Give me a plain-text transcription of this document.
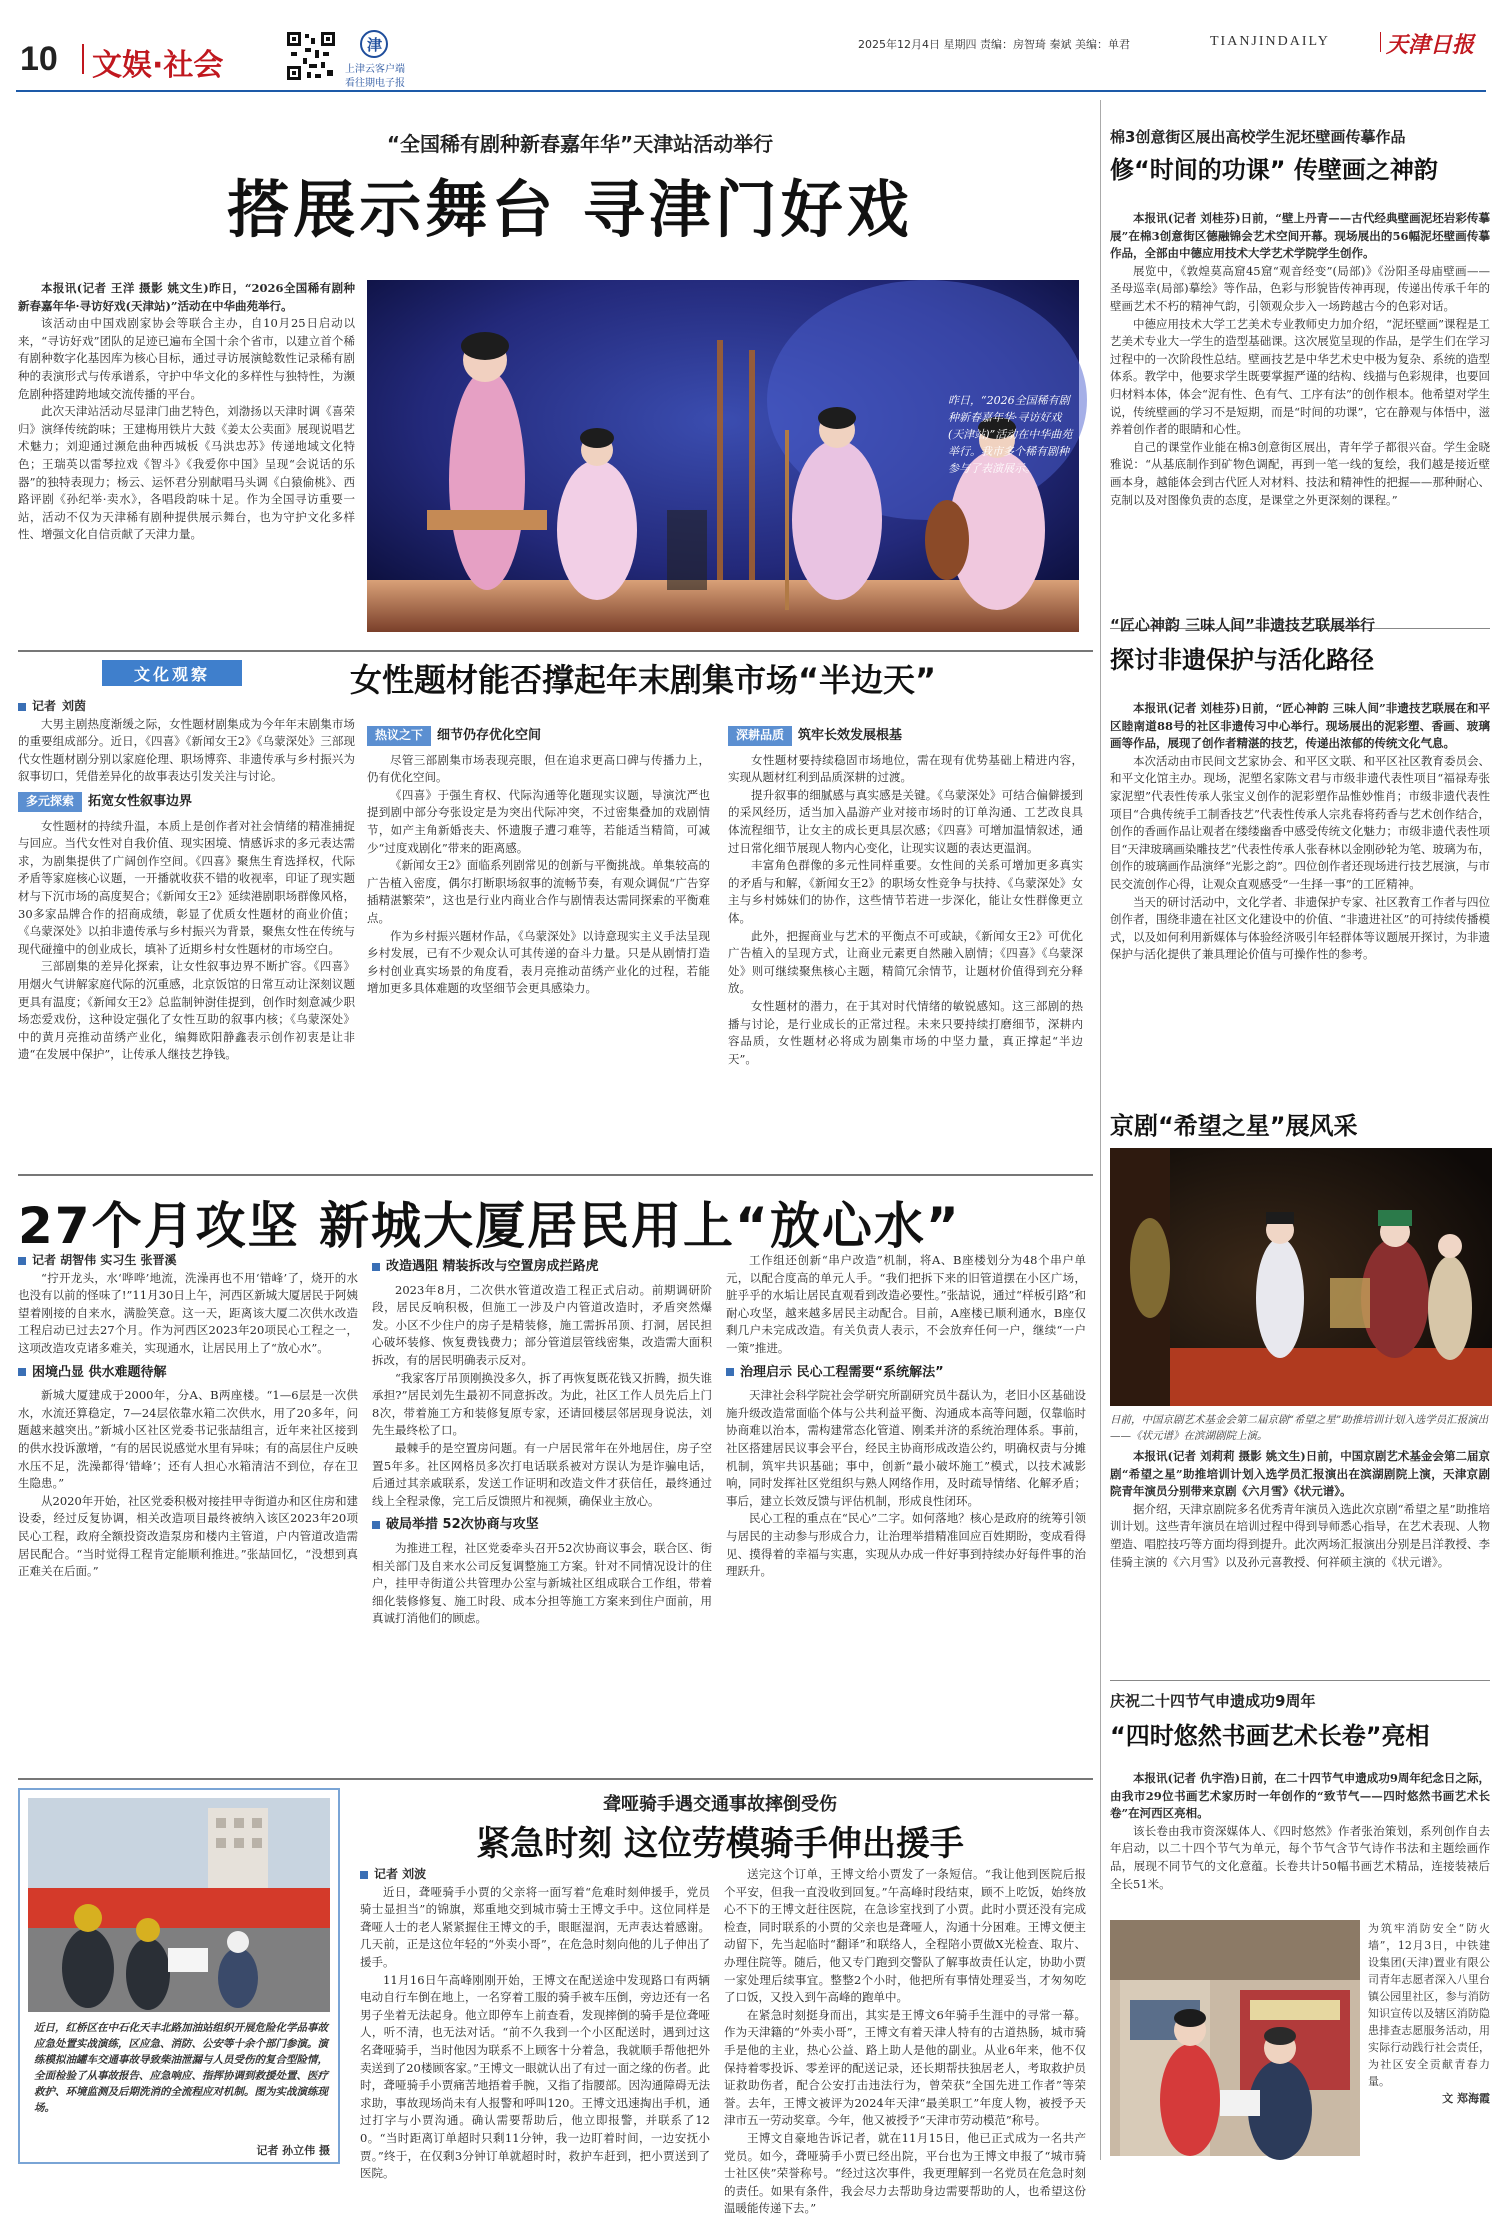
10 文娱·社会
津
上津云客户端
看往期电子报
2025年12月4日 星期四 责编：房智琦 秦斌 美编：单君	TIANJINDAILY	天津日报
“全国稀有剧种新春嘉年华”天津站活动举行
搭展示舞台 寻津门好戏

本报讯(记者 王洋 摄影 姚文生)昨日，“2026全国稀有剧种新春嘉年华·寻访好戏(天津站)”活动在中华曲苑举行。

该活动由中国戏剧家协会等联合主办，自10月25日启动以来，“寻访好戏”团队的足迹已遍布全国十余个省市，以建立首个稀有剧种数字化基因库为核心目标，通过寻访展演鲶数性记录稀有剧种的表演形式与传承谱系，守护中华文化的多样性与独特性，为濒危剧种搭建跨地域交流传播的平台。

此次天津站活动尽显津门曲艺特色，刘渤扬以天津时调《喜荣归》演绎传统韵味；王建梅用铁片大鼓《姜太公卖面》展现说唱艺术魅力；刘迎通过濒危曲种西城板《马洪忠苏》传递地域文化特色；王瑞英以雷琴拉戏《智斗》《我爱你中国》呈现“会说话的乐器”的独特表现力；杨云、运怀君分别献唱马头调《白猿偷桃》、西路评剧《孙纪举·卖水》，各唱段韵味十足。作为全国寻访重要一站，活动不仅为天津稀有剧种提供展示舞台，也为守护文化多样性、增强文化自信贡献了天津力量。

昨日，“2026全国稀有剧种新春嘉年华·寻访好戏(天津站)”活动在中华曲苑举行。我市多个稀有剧种参与了表演展示。
文化观察	女性题材能否撑起年末剧集市场“半边天”
记者 刘茵

大男主剧热度渐缓之际，女性题材剧集成为今年年末剧集市场的重要组成部分。近日，《四喜》《新闻女王2》《乌蒙深处》三部现代女性题材剧分别以家庭伦理、职场博弈、非遗传承与乡村振兴为叙事切口，凭借差异化的故事表达引发关注与讨论。

多元探索	拓宽女性叙事边界

女性题材的持续升温，本质上是创作者对社会情绪的精准捕捉与回应。当代女性对自我价值、现实困境、情感诉求的多元表达需求，为剧集提供了广阔创作空间。《四喜》聚焦生育选择权，代际矛盾等家庭核心议题，一开播就收获不错的收视率，印证了现实题材与下沉市场的高度契合；《新闻女王2》延续港剧职场群像风格，30多家品牌合作的招商成绩，彰显了优质女性题材的商业价值；《乌蒙深处》以拍非遗传承与乡村振兴为背景，聚焦女性在传统与现代碰撞中的创业成长，填补了近期乡村女性题材的市场空白。

三部剧集的差异化探索，让女性叙事边界不断扩容。《四喜》用烟火气讲解家庭代际的沉重感，北京饭馆的日常互动让深刻议题更具有温度；《新闻女王2》总监制钟澍佳提到，创作时刻意减少职场恋爱戏份，这种设定强化了女性互助的叙事内核；《乌蒙深处》中的黄月亮推动苗绣产业化，编舞欧阳静鑫表示创作初衷是让非遗“在发展中保护”，让传承人继技艺挣钱。

热议之下	细节仍存优化空间

尽管三部剧集市场表现亮眼，但在追求更高口碑与传播力上，仍有优化空间。

《四喜》于强生育权、代际沟通等化题现实议题，导演沈严也提到剧中部分夸张设定是为突出代际冲突，不过密集叠加的戏剧情节，如产主角新婚丧夫、怀遗腹子遭刁难等，若能适当精简，可减少“过度戏剧化”带来的距离感。

《新闻女王2》面临系列剧常见的创新与平衡挑战。单集较高的广告植入密度，偶尔打断职场叙事的流畅节奏，有观众调侃“广告穿插精湛繁荣”，这也是行业内商业合作与剧情表达需同探索的平衡难点。

作为乡村振兴题材作品，《乌蒙深处》以诗意现实主义手法呈现乡村发展，已有不少观众认可其传递的奋斗力量。只是从剧情打造乡村创业真实场景的角度看，表月亮推动苗绣产业化的过程，若能增加更多具体难题的攻坚细节会更具感染力。

深耕品质	筑牢长效发展根基

女性题材要持续稳固市场地位，需在现有优势基础上精进内容，实现从题材红利到品质深耕的过渡。

提升叙事的细腻感与真实感是关键。《乌蒙深处》可结合偏僻援到的采风经历，适当加入晶游产业对接市场时的订单沟通、工艺改良具体流程细节，让女主的成长更具层次感；《四喜》可增加温情叙述，通过日常化细节展现人物内心变化，让现实议题的表达更温润。

丰富角色群像的多元性同样重要。女性间的关系可增加更多真实的矛盾与和解，《新闻女王2》的职场女性竞争与扶持、《乌蒙深处》女主与乡村姊妹们的协作，这些情节若进一步深化，能让女性群像更立体。

此外，把握商业与艺术的平衡点不可或缺，《新闻女王2》可优化广告植入的呈现方式，让商业元素更自然融入剧情；《四喜》《乌蒙深处》则可继续聚焦核心主题，精简冗余情节，让题材价值得到充分释放。

女性题材的潜力，在于其对时代情绪的敏锐感知。这三部剧的热播与讨论，是行业成长的正常过程。未来只要持续打磨细节，深耕内容品质，女性题材必将成为剧集市场的中坚力量，真正撑起“半边天”。

棉3创意街区展出高校学生泥坯壁画传摹作品
修“时间的功课” 传壁画之神韵

本报讯(记者 刘桂芬)日前，“壁上丹青——古代经典壁画泥坯岩彩传摹展”在棉3创意街区德融锦会艺术空间开幕。现场展出的56幅泥坯壁画传摹作品，全部由中德应用技术大学艺术学院学生创作。

展览中，《敦煌莫高窟45窟“观音经变”(局部)》《汾阳圣母庙壁画——圣母巡幸(局部)摹绘》等作品，色彩与形貌皆传神再现，传递出传承千年的壁画艺术不朽的精神气韵，引领观众步入一场跨越古今的色彩对话。

中德应用技术大学工艺美术专业教师史力加介绍，“泥坯壁画”课程是工艺美术专业大一学生的造型基础课。这次展览呈现的作品，是学生们在学习过程中的一次阶段性总结。壁画技艺是中华艺术史中极为复杂、系统的造型体系。教学中，他要求学生既要掌握严谨的结构、线描与色彩规律，也要回归材料本体，体会“泥有性、色有气、工序有法”的创作根本。他希望对学生说，传统壁画的学习不是短期，而是“时间的功课”，它在静观与体悟中，滋养着创作者的眼睛和心性。

自己的课堂作业能在棉3创意街区展出，青年学子都很兴奋。学生金晓雅说：“从基底制作到矿物色调配，再到一笔一线的复绘，我们越是接近壁画本身，越能体会到古代匠人对材料、技法和精神性的把握——那种耐心、克制以及对图像负责的态度，是课堂之外更深刻的课程。”

“匠心神韵 三味人间”非遗技艺联展举行
探讨非遗保护与活化路径

本报讯(记者 刘桂芬)日前，“匠心神韵 三味人间”非遗技艺联展在和平区睦南道88号的社区非遗传习中心举行。现场展出的泥彩塑、香画、玻璃画等作品，展现了创作者精湛的技艺，传递出浓郁的传统文化气息。

本次活动由市民间文艺家协会、和平区文联、和平区社区教育委员会、和平文化馆主办。现场，泥塑名家陈文君与市级非遗代表性项目“福禄寿张家泥塑”代表性传承人张宝义创作的泥彩塑作品惟妙惟肖；市级非遗代表性项目“合典传统手工制香技艺”代表性传承人宗兆春将药香与艺术创作结合，创作的香画作品让观者在缕缕幽香中感受传统文化魅力；市级非遗代表性项目“天津玻璃画染雕技艺”代表性传承人张春林以金刚砂轮为笔、玻璃为布，创作的玻璃画作品演绎“光影之韵”。四位创作者还现场进行技艺展演，与市民交流创作心得，让观众直观感受“一生择一事”的工匠精神。

当天的研讨活动中，文化学者、非遗保护专家、社区教育工作者与四位创作者，围绕非遗在社区文化建设中的价值、“非遗进社区”的可持续传播模式，以及如何利用新媒体与体验经济吸引年轻群体等议题展开探讨，为非遗保护与活化提供了兼具理论价值与可操作性的参考。

京剧“希望之星”展风采
日前，中国京剧艺术基金会第二届京剧“希望之星”助推培训计划入选学员汇报演出——《状元谱》在滨湖剧院上演。

本报讯(记者 刘莉莉 摄影 姚文生)日前，中国京剧艺术基金会第二届京剧“希望之星”助推培训计划入选学员汇报演出在滨湖剧院上演，天津京剧院青年演员分别带来京剧《六月雪》《状元谱》。

据介绍，天津京剧院多名优秀青年演员入选此次京剧“希望之星”助推培训计划。这些青年演员在培训过程中得到导师悉心指导，在艺术表现、人物塑造、唱腔技巧等方面均得到提升。此次两场汇报演出分别是吕洋教授、李佳骑主演的《六月雪》以及孙元喜教授、何祥硕主演的《状元谱》。

庆祝二十四节气申遗成功9周年
“四时悠然书画艺术长卷”亮相

本报讯(记者 仇宇浩)日前，在二十四节气申遗成功9周年纪念日之际，由我市29位书画艺术家历时一年创作的“致节气——四时悠然书画艺术长卷”在河西区亮相。

该长卷由我市资深媒体人、《四时悠然》作者张治策划，系列创作自去年启动，以二十四个节气为单元，每个节气含节气诗作书法和主题绘画作品，展现不同节气的文化意蕴。长卷共计50幅书画艺术精品，连接装裱后全长51米。

为筑牢消防安全“防火墙”，12月3日，中铁建设集团(天津)置业有限公司青年志愿者深入八里台镇公园里社区，参与消防知识宣传以及辖区消防隐患排查志愿服务活动，用实际行动践行社会责任，为社区安全贡献青春力量。
文 郑海霞
27个月攻坚 新城大厦居民用上“放心水”
记者 胡智伟 实习生 张晋溪

“拧开龙头，水‘哗哗’地流，洗澡再也不用‘错峰’了，烧开的水也没有以前的怪味了!”11月30日上午，河西区新城大厦居民于阿姨望着刚接的自来水，满脸笑意。这一天，距离该大厦二次供水改造工程启动已过去27个月。作为河西区2023年20项民心工程之一，这项改造攻克诸多难关，实现通水，让居民用上了“放心水”。

困境凸显 供水难题待解

新城大厦建成于2000年，分A、B两座楼。“1—6层是一次供水，水流还算稳定，7—24层依靠水箱二次供水，用了20多年，问题越来越突出。”新城小区社区党委书记张喆组言，近年来社区接到的供水投诉激增，“有的居民说感觉水里有异味；有的高层住户反映水压不足，洗澡都得‘错峰’；还有人担心水箱清洁不到位，存在卫生隐患。”

从2020年开始，社区党委积极对接挂甲寺街道办和区住房和建设委，经过反复协调，相关改造项目最终被纳入该区2023年20项民心工程，政府全额投资改造泵房和楼内主管道，户内管道改造需居民配合。“当时觉得工程肯定能顺利推进。”张喆回忆，“没想到真正难关在后面。”

改造遇阻 精装拆改与空置房成拦路虎

2023年8月，二次供水管道改造工程正式启动。前期调研阶段，居民反响积极，但施工一涉及户内管道改造时，矛盾突然爆发。小区不少住户的房子是精装修，施工需拆吊顶、打洞，居民担心破坏装修、恢复费钱费力；部分管道层管线密集，改造需大面积拆改，有的居民明确表示反对。

“我家客厅吊顶刚换没多久，拆了再恢复既花钱又折腾，损失谁承担?”居民刘先生最初不同意拆改。为此，社区工作人员先后上门8次，带着施工方和装修复原专家，还请回楼层邻居现身说法，刘先生最终松了口。

最棘手的是空置房问题。有一户居民常年在外地居住，房子空置5年多。社区网格员多次打电话联系被对方误认为是诈骗电话，后通过其亲戚联系，发送工作证明和改造文件才获信任，最终通过线上全程录像，完工后反馈照片和视频，确保业主放心。

破局举措 52次协商与攻坚

为推进工程，社区党委牵头召开52次协商议事会，联合区、街相关部门及自来水公司反复调整施工方案。针对不同情况设计的住户，挂甲寺街道公共管理办公室与新城社区组成联合工作组，带着细化装修修复、施工时段、成本分担等施工方案来到住户面前，用真诚打消他们的顾虑。

工作组还创新“串户改造”机制，将A、B座楼划分为48个串户单元，以配合度高的单元人手。“我们把拆下来的旧管道摆在小区广场，脏乎乎的水垢让居民直观看到改造必要性。”张喆说，通过“样板引路”和耐心攻坚，越来越多居民主动配合。目前，A座楼已顺利通水，B座仅剩几户未完成改造。有关负责人表示，不会放弃任何一户，继续“一户一策”推进。

治理启示 民心工程需要“系统解法”

天津社会科学院社会学研究所副研究员牛磊认为，老旧小区基础设施升级改造常面临个体与公共利益平衡、沟通成本高等问题，仅靠临时协商难以治本，需构建常态化管道、刚柔并济的系统治理体系。事前，社区搭建居民议事会平台，经民主协商形成改造公约，明确权责与分摊机制，筑牢共识基础；事中，创新“最小破坏施工”模式，以技术减影响，同时发挥社区党组织与熟人网络作用，及时疏导情绪、化解矛盾；事后，建立长效反馈与评估机制，形成良性闭环。

民心工程的重点在“民心”二字。如何落地？核心是政府的统筹引领与居民的主动参与形成合力，让治理举措精准回应百姓期盼，变成看得见、摸得着的幸福与实惠，实现从办成一件好事到持续办好每件事的治理跃升。

近日，红桥区在中石化天丰北路加油站组织开展危险化学品事故应急处置实战演练，区应急、消防、公安等十余个部门参演。演练模拟油罐车交通事故导致柴油泄漏与人员受伤的复合型险情，全面检验了从事故报告、应急响应、指挥协调到救援处置、医疗救护、环境监测及后期洗消的全流程应对机制。图为实战演练现场。
记者 孙立伟 摄
聋哑骑手遇交通事故摔倒受伤
紧急时刻 这位劳模骑手伸出援手
记者 刘波

近日，聋哑骑手小贾的父亲将一面写着“危难时刻伸援手，党员骑士显担当”的锦旗，郑重地交到城市骑士王博文手中。这位同样是聋哑人士的老人紧紧握住王博文的手，眼眶湿润，无声表达着感谢。几天前，正是这位年轻的“外卖小哥”，在危急时刻向他的儿子伸出了援手。

11月16日午高峰刚刚开始，王博文在配送途中发现路口有两辆电动自行车倒在地上，一名穿着工服的骑手被车压倒，旁边还有一名男子坐着无法起身。他立即停车上前查看，发现摔倒的骑手是位聋哑人，听不清，也无法对话。“前不久我到一个小区配送时，遇到过这名聋哑骑手，当时他因为联系不上顾客十分着急，我就顺手帮他把外卖送到了20楼顾客家。”王博文一眼就认出了有过一面之缘的伤者。此时，聋哑骑手小贾痛苦地捂着手腕，又指了指腰部。因沟通障碍无法求助，事故现场尚未有人报警和呼叫120。王博文迅速掏出手机，通过打字与小贾沟通。确认需要帮助后，他立即报警，并联系了120。“当时距离订单超时只剩11分钟，我一边盯着时间，一边安抚小贾。”终于，在仅剩3分钟订单就超时时，救护车赶到，把小贾送到了医院。

送完这个订单，王博文给小贾发了一条短信。“我让他到医院后报个平安，但我一直没收到回复。”午高峰时段结束，顾不上吃饭，始终放心不下的王博文赶往医院，在急诊室找到了小贾。此时小贾还没有完成检查，同时联系的小贾的父亲也是聋哑人，沟通十分困难。王博文便主动留下，先当起临时“翻译”和联络人，全程陪小贾做X光检查、取片、办理住院等。随后，他又专门跑到交警队了解事故责任认定，协助小贾一家处理后续事宜。整整2个小时，他把所有事情处理妥当，才匆匆吃了口饭，又投入到午高峰的跑单中。

在紧急时刻挺身而出，其实是王博文6年骑手生涯中的寻常一幕。作为天津籍的“外卖小哥”，王博文有着天津人特有的古道热肠，城市骑手是他的主业，热心公益、路上助人是他的副业。从业6年来，他不仅保持着零投诉、零差评的配送记录，还长期帮扶独居老人，考取救护员证救助伤者，配合公安打击违法行为，曾荣获“全国先进工作者”等荣誉。去年，王博文被评为2024年天津“最美职工”年度人物，被授予天津市五一劳动奖章。今年，他又被授予“天津市劳动模范”称号。

王博文自豪地告诉记者，就在11月15日，他已正式成为一名共产党员。如今，聋哑骑手小贾已经出院，平台也为王博文申报了“城市骑士社区侠”荣誉称号。“经过这次事件，我更理解到一名党员在危急时刻的责任。如果有条件，我会尽力去帮助身边需要帮助的人，也希望这份温暖能传递下去。”
